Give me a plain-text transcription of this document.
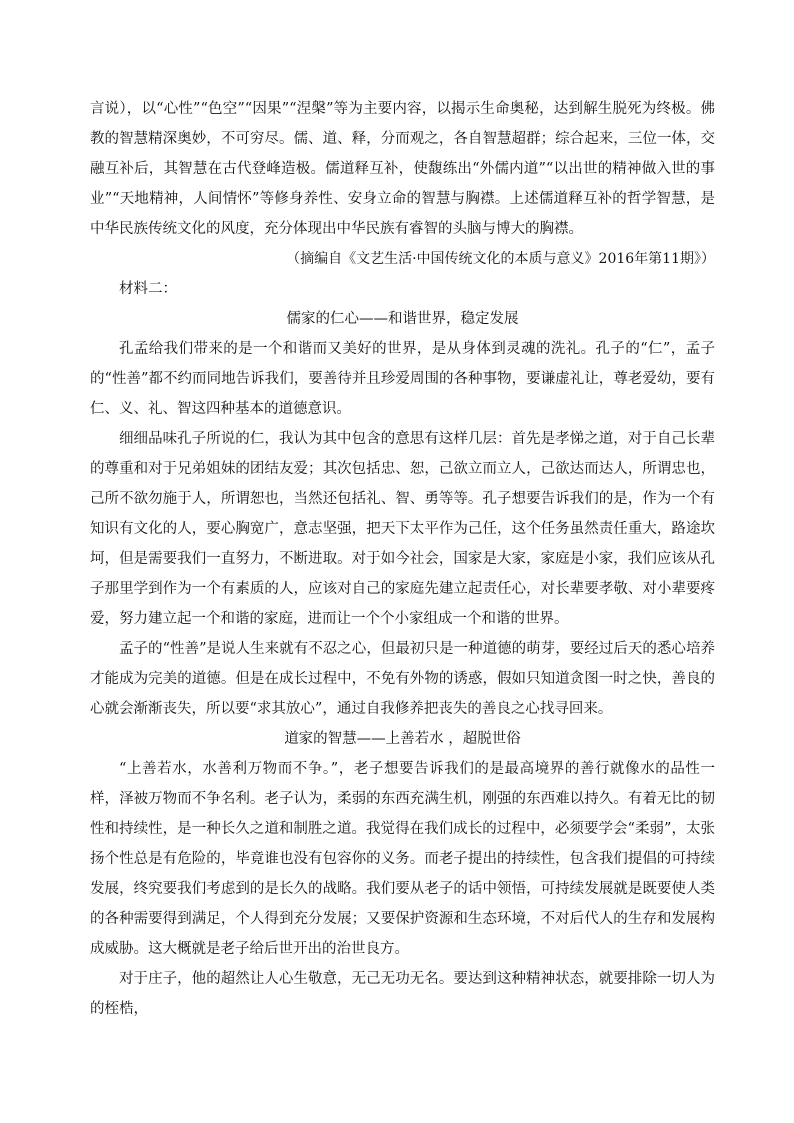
言说），以“心性”“色空”“因果”“涅槃”等为主要内容，以揭示生命奥秘，达到解生脱死为终极。佛教的智慧精深奥妙，不可穷尽。儒、道、释，分而观之，各自智慧超群；综合起来，三位一体，交融互补后，其智慧在古代登峰造极。儒道释互补，使馥练出“外儒内道”“以出世的精神做入世的事业”“天地精神，人间情怀”等修身养性、安身立命的智慧与胸襟。上述儒道释互补的哲学智慧，是中华民族传统文化的风度，充分体现出中华民族有睿智的头脑与博大的胸襟。

（摘编自《文艺生活·中国传统文化的本质与意义》2016年第11期》）

材料二：

儒家的仁心——和谐世界，稳定发展

孔孟给我们带来的是一个和谐而又美好的世界，是从身体到灵魂的洗礼。孔子的“仁”，孟子的“性善”都不约而同地告诉我们，要善待并且珍爱周围的各种事物，要谦虚礼让，尊老爱幼，要有仁、义、礼、智这四种基本的道德意识。

细细品味孔子所说的仁，我认为其中包含的意思有这样几层：首先是孝悌之道，对于自己长辈的尊重和对于兄弟姐妹的团结友爱；其次包括忠、恕，己欲立而立人，己欲达而达人，所谓忠也，己所不欲勿施于人，所谓恕也，当然还包括礼、智、勇等等。孔子想要告诉我们的是，作为一个有知识有文化的人，要心胸宽广，意志坚强，把天下太平作为己任，这个任务虽然责任重大，路途坎坷，但是需要我们一直努力，不断进取。对于如今社会，国家是大家，家庭是小家，我们应该从孔子那里学到作为一个有素质的人，应该对自己的家庭先建立起责任心，对长辈要孝敬、对小辈要疼爱，努力建立起一个和谐的家庭，进而让一个个小家组成一个和谐的世界。

孟子的“性善”是说人生来就有不忍之心，但最初只是一种道德的萌芽，要经过后天的悉心培养才能成为完美的道德。但是在成长过程中，不免有外物的诱惑，假如只知道贪图一时之快，善良的心就会渐渐丧失，所以要“求其放心”，通过自我修养把丧失的善良之心找寻回来。

道家的智慧——上善若水 ，超脱世俗

“上善若水，水善利万物而不争。”，老子想要告诉我们的是最高境界的善行就像水的品性一样，泽被万物而不争名利。老子认为，柔弱的东西充满生机，刚强的东西难以持久。有着无比的韧性和持续性，是一种长久之道和制胜之道。我觉得在我们成长的过程中，必须要学会“柔弱”，太张扬个性总是有危险的，毕竟谁也没有包容你的义务。而老子提出的持续性，包含我们提倡的可持续发展，终究要我们考虑到的是长久的战略。我们要从老子的话中领悟，可持续发展就是既要使人类的各种需要得到满足，个人得到充分发展；又要保护资源和生态环境，不对后代人的生存和发展构成威胁。这大概就是老子给后世开出的治世良方。

对于庄子，他的超然让人心生敬意，无己无功无名。要达到这种精神状态，就要排除一切人为的桎梏，
